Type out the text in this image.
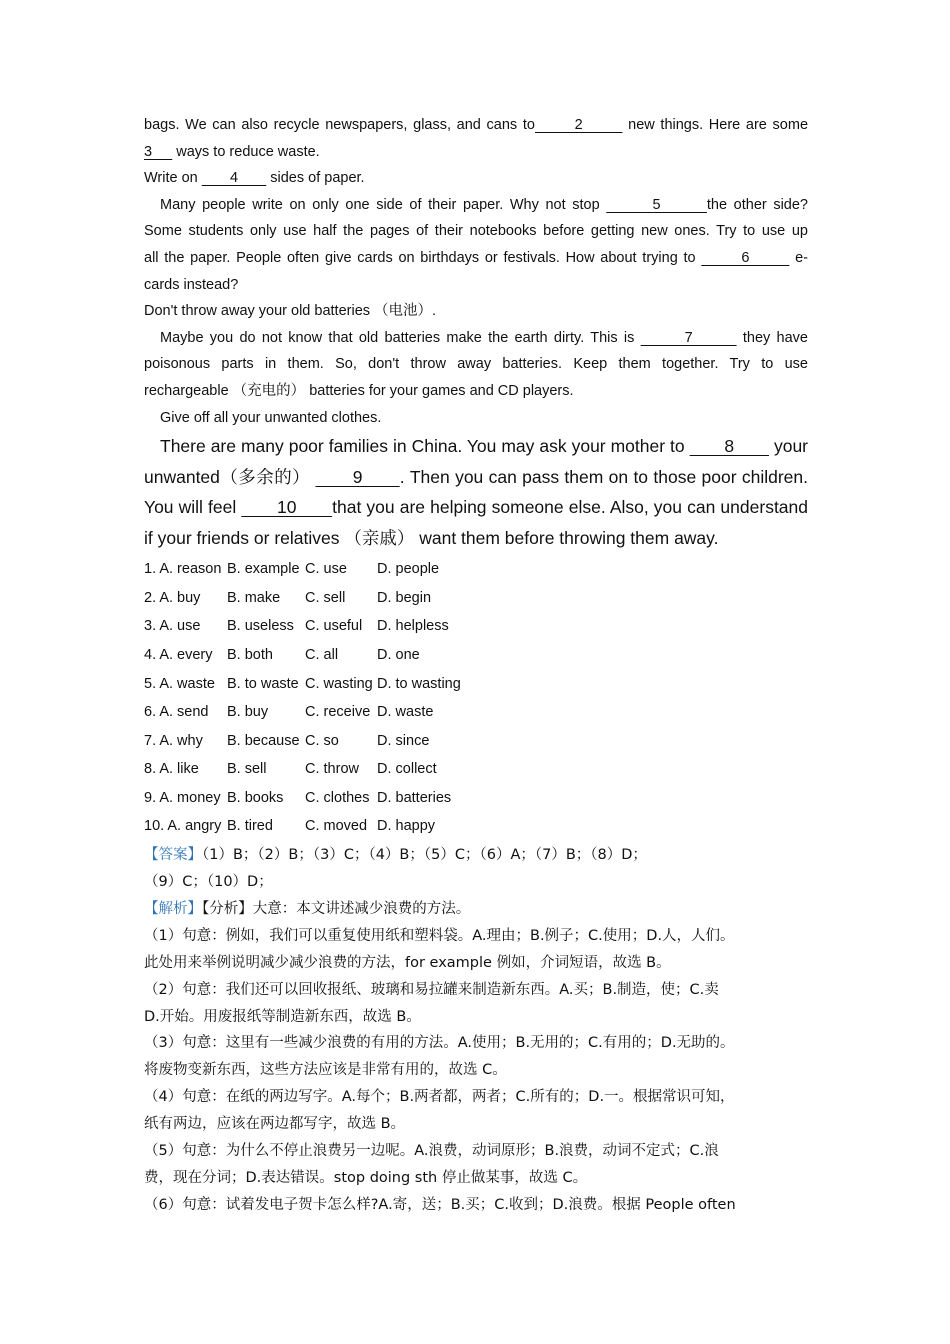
bags. We can also recycle newspapers, glass, and cans to       2        new things. Here are some
3      ways to reduce waste.
Write on        4        sides of paper.
Many people write on only one side of their paper. Why not stop        5       the other side?
Some students only use half the pages of their notebooks before getting new ones. Try to use up
all the paper. People often give cards on birthdays or festivals. How about trying to        6        e-
cards instead?
Don't throw away your old batteries （电池）.
Maybe you do not know that old batteries make the earth dirty. This is        7        they have
poisonous parts in them. So, don't throw away batteries. Keep them together. Try to use
rechargeable （充电的） batteries for your games and CD players.
Give off all your unwanted clothes.
There are many poor families in China. You may ask your mother to        8        your
unwanted（多余的）        9       . Then you can pass them on to those poor children.
You will feel        10       that you are helping someone else. Also, you can understand
if your friends or relatives （亲戚） want them before throwing them away.
1. A. reason B. example C. use	D. people
2. A. buy	B. make	C. sell	D. begin
3. A. use	B. useless C. useful	D. helpless
4. A. every B. both	C. all	D. one
5. A. waste B. to waste C. wasting D. to wasting
6. A. send	B. buy	C. receive D. waste
7. A. why	B. because C. so	D. since
8. A. like	B. sell	C. throw	D. collect
9. A. money B. books	C. clothes D. batteries
10. A. angry B. tired	C. moved D. happy
【答案】（1）B；（2）B；（3）C；（4）B；（5）C；（6）A；（7）B；（8）D；
（9）C；（10）D；
【解析】【分析】大意：本文讲述减少浪费的方法。
（1）句意：例如，我们可以重复使用纸和塑料袋。A.理由；B.例子；C.使用；D.人，人们。
此处用来举例说明减少减少浪费的方法，for example 例如，介词短语，故选 B。
（2）句意：我们还可以回收报纸、玻璃和易拉罐来制造新东西。A.买；B.制造，使；C.卖
D.开始。用废报纸等制造新东西，故选 B。
（3）句意：这里有一些减少浪费的有用的方法。A.使用；B.无用的；C.有用的；D.无助的。
将废物变新东西，这些方法应该是非常有用的，故选 C。
（4）句意：在纸的两边写字。A.每个；B.两者都，两者；C.所有的；D.一。根据常识可知，
纸有两边，应该在两边都写字，故选 B。
（5）句意：为什么不停止浪费另一边呢。A.浪费，动词原形；B.浪费，动词不定式；C.浪
费，现在分词；D.表达错误。stop doing sth 停止做某事，故选 C。
（6）句意：试着发电子贺卡怎么样?A.寄，送；B.买；C.收到；D.浪费。根据 People often
